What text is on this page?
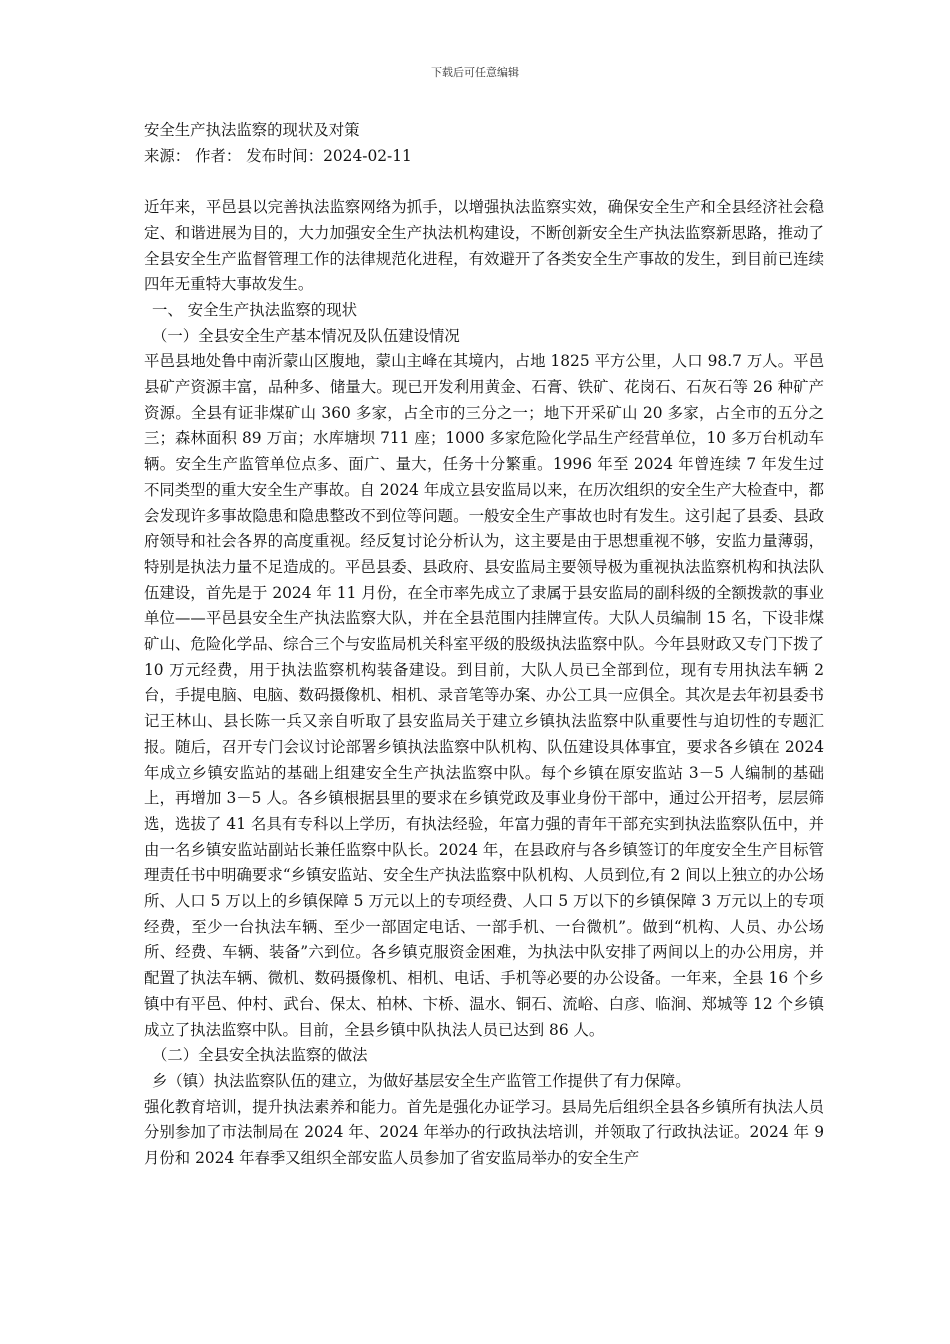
下载后可任意编辑

安全生产执法监察的现状及对策

来源： 作者： 发布时间：2024-02-11

近年来，平邑县以完善执法监察网络为抓手，以增强执法监察实效，确保安全生产和全县经济社会稳定、和谐进展为目的，大力加强安全生产执法机构建设，不断创新安全生产执法监察新思路，推动了全县安全生产监督管理工作的法律规范化进程，有效避开了各类安全生产事故的发生，到目前已连续四年无重特大事故发生。

一、 安全生产执法监察的现状

（一）全县安全生产基本情况及队伍建设情况

平邑县地处鲁中南沂蒙山区腹地，蒙山主峰在其境内，占地 1825 平方公里，人口 98.7 万人。平邑县矿产资源丰富，品种多、储量大。现已开发利用黄金、石膏、铁矿、花岗石、石灰石等 26 种矿产资源。全县有证非煤矿山 360 多家，占全市的三分之一；地下开采矿山 20 多家，占全市的五分之三；森林面积 89 万亩；水库塘坝 711 座；1000 多家危险化学品生产经营单位，10 多万台机动车辆。安全生产监管单位点多、面广、量大，任务十分繁重。1996 年至 2024 年曾连续 7 年发生过不同类型的重大安全生产事故。自 2024 年成立县安监局以来，在历次组织的安全生产大检查中，都会发现许多事故隐患和隐患整改不到位等问题。一般安全生产事故也时有发生。这引起了县委、县政府领导和社会各界的高度重视。经反复讨论分析认为，这主要是由于思想重视不够，安监力量薄弱，特别是执法力量不足造成的。平邑县委、县政府、县安监局主要领导极为重视执法监察机构和执法队伍建设，首先是于 2024 年 11 月份，在全市率先成立了隶属于县安监局的副科级的全额拨款的事业单位——平邑县安全生产执法监察大队，并在全县范围内挂牌宣传。大队人员编制 15 名，下设非煤矿山、危险化学品、综合三个与安监局机关科室平级的股级执法监察中队。今年县财政又专门下拨了 10 万元经费，用于执法监察机构装备建设。到目前，大队人员已全部到位，现有专用执法车辆 2 台，手提电脑、电脑、数码摄像机、相机、录音笔等办案、办公工具一应俱全。其次是去年初县委书记王林山、县长陈一兵又亲自听取了县安监局关于建立乡镇执法监察中队重要性与迫切性的专题汇报。随后，召开专门会议讨论部署乡镇执法监察中队机构、队伍建设具体事宜，要求各乡镇在 2024 年成立乡镇安监站的基础上组建安全生产执法监察中队。每个乡镇在原安监站 3－5 人编制的基础上，再增加 3－5 人。各乡镇根据县里的要求在乡镇党政及事业身份干部中，通过公开招考，层层筛选，选拔了 41 名具有专科以上学历，有执法经验，年富力强的青年干部充实到执法监察队伍中，并由一名乡镇安监站副站长兼任监察中队长。2024 年，在县政府与各乡镇签订的年度安全生产目标管理责任书中明确要求“乡镇安监站、安全生产执法监察中队机构、人员到位,有 2 间以上独立的办公场所、人口 5 万以上的乡镇保障 5 万元以上的专项经费、人口 5 万以下的乡镇保障 3 万元以上的专项经费，至少一台执法车辆、至少一部固定电话、一部手机、一台微机”。做到“机构、人员、办公场所、经费、车辆、装备”六到位。各乡镇克服资金困难，为执法中队安排了两间以上的办公用房，并配置了执法车辆、微机、数码摄像机、相机、电话、手机等必要的办公设备。一年来，全县 16 个乡镇中有平邑、仲村、武台、保太、柏林、卞桥、温水、铜石、流峪、白彦、临涧、郑城等 12 个乡镇成立了执法监察中队。目前，全县乡镇中队执法人员已达到 86 人。

（二）全县安全执法监察的做法

乡（镇）执法监察队伍的建立，为做好基层安全生产监管工作提供了有力保障。

强化教育培训，提升执法素养和能力。首先是强化办证学习。县局先后组织全县各乡镇所有执法人员分别参加了市法制局在 2024 年、2024 年举办的行政执法培训，并领取了行政执法证。2024 年 9 月份和 2024 年春季又组织全部安监人员参加了省安监局举办的安全生产
